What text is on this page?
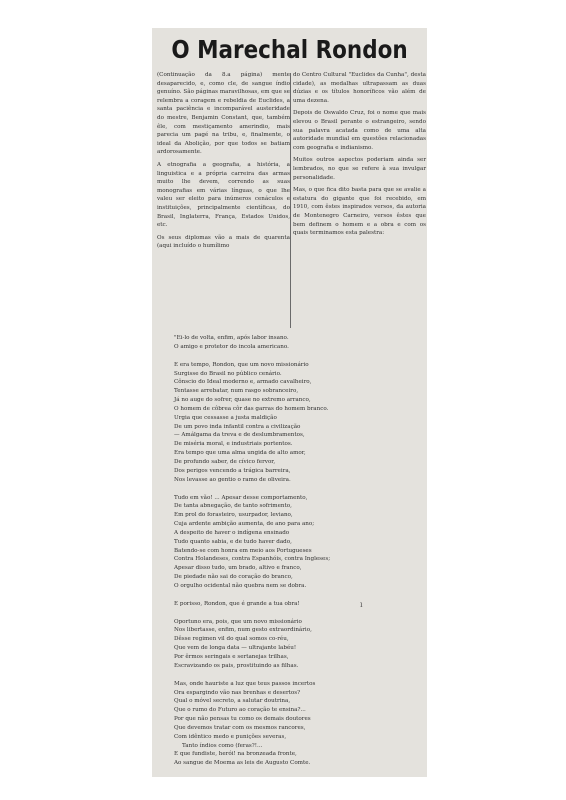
O Marechal Rondon

(Continuação da 8.a página) mente desaparecido, e, como cle, de sangue índio genuíno. São páginas maravilhosas, em que se relembra a coragem e rebeldia de Euclides, a santa paciência e incomparável austeridade do mestre, Benjamin Constant, que, também êle, com mestiçamento amerindio, mais parecia um pagé na tribu, e, finalmente, o ideal da Abolição, por que todos se batiam ardorosamente.

A etnografia a geografia, a história, a linguistica e a própria carreira das armas muito lhe devem, correndo as suas monografias em várias línguas, o que lhe valeu ser eleito para inúmeros cenáculos e instituições, principalmente científicas, do Brasil, Inglaterra, França, Estados Unidos, etc.

Os seus diplomas vão a mais de quarenta (aqui incluído o humílimo

do Centro Cultural "Euclides da Cunha", desta cidade), as medalhas ultrapassam as duas dúzias e os títulos honoríficos vão além de uma dezena.

Depois de Oswaldo Cruz, foi o nome que mais elevou o Brasil perante o estrangeiro, sendo sua palavra acatada como de uma alta autoridade mundial em questões relacionadas com geografia e indianismo.

Muitos outros aspectos poderiam ainda ser lembrados, no que se refere à sua invulgar personalidade.

Mas, o que fica dito basta para que se avalie a estatura do gigante que foi recebido, em 1910, com êstes inspirados versos, da autoria de Montenegro Carneiro, versos êstes que bem definem o homem e a obra e com os quais terminamos esta palestra:

"Ei-lo de volta, enfim, após labor insano.
O amigo e protetor do incola americano.
E era tempo, Rondon, que um novo missionário
Surgisse do Brasil no público cenário.
Cônscio do Ideal moderno e, armado cavalheiro,
Tentasse arrebatar, num rasgo sobranceiro,
Já no auge do sofrer, quase no extremo arranco,
O homem de côbrea côr das garras do homem branco.
Urgia que cessasse a justa maldição
De um povo inda infantil contra a civilização
— Amálgama da treva e de deslumbramentos,
De miséria moral, e industriais portentos.
Era tempo que uma alma ungida de alto amor,
De profundo saber, de cívico fervor,
Dos perigos vencendo a trágica barreira,
Nos levasse ao gentio o ramo de oliveira.
Tudo em vão! ... Apesar desse comportamento,
De tanta abnegação, de tanto sofrimento,
Em prol do forasteiro, usurpador, leviano,
Cuja ardente ambição aumenta, de ano para ano;
A despeito de haver o indígena ensinado
Tudo quanto sabia, e de tudo haver dado,
Batendo-se com honra em meio aos Portugueses
Contra Holandeses, contra Espanhóis, contra Ingleses;
Apesar disso tudo, um brado, altivo e franco,
De piedade não sai do coração do branco,
O orgulho ocidental não quebra nem se dobra.
E porisso, Rondon, que é grande a tua obra!
Oportuno era, pois, que um novo missionário
Nos libertasse, enfim, num gesto extraordinário,
Dêsse regimen vil do qual somos co-réu,
Que vem de longa data — ultrajante labéu!
Por êrmos seringais e sertanejas trilhas,
Escravizando os pais, prostituindo as filhas.
Mas, onde hauriste a luz que teus passos incertos
Ora espargindo vão nas brenhas e desertos?
Qual o móvel secreto, a salutar doutrina,
Que o rumo do Futuro ao coração te ensina?...
Por que não pensas tu como os demais doutores
Que devemos tratar com os mesmos rancores,
Com idêntico medo e punições severas,
Tanto índios como (feras?!...
E que fundiste, herói! na bronzeada fronte,
Ao sangue de Moema as leis de Augusto Comte.
ı
